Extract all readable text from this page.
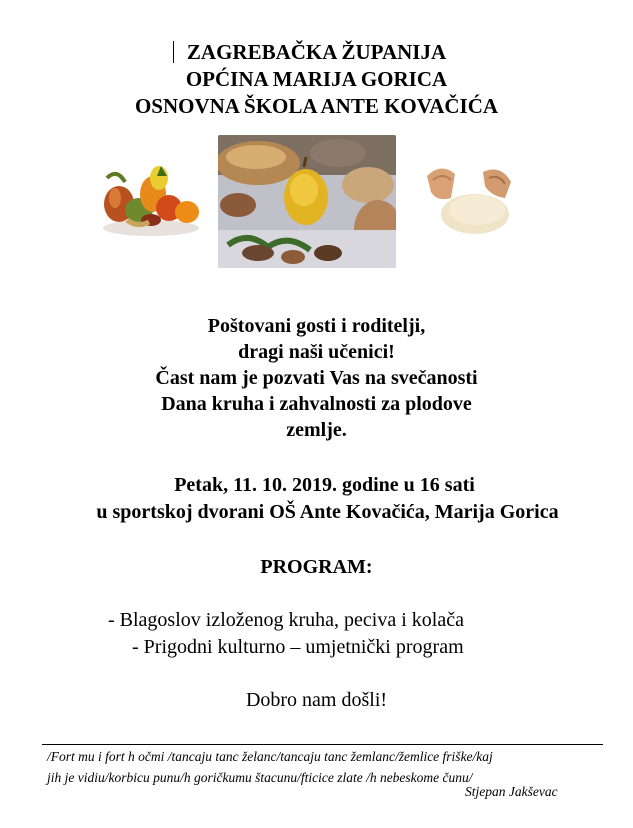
ZAGREBAČKA ŽUPANIJA
OPĆINA MARIJA GORICA
OSNOVNA ŠKOLA ANTE KOVAČIĆA
Poštovani gosti i roditelji,
dragi naši učenici!
Čast nam je pozvati Vas na svečanosti
Dana kruha i zahvalnosti za plodove
zemlje.
Petak, 11. 10. 2019. godine u 16 sati
u sportskoj dvorani OŠ Ante Kovačića, Marija Gorica
PROGRAM:
- Blagoslov izloženog kruha, peciva i kolača
- Prigodni kulturno – umjetnički program
Dobro nam došli!
/Fort mu i fort h očmi /tancaju tanc želanc/tancaju tanc žemlanc/žemlice friške/kaj
jih je vidiu/korbicu punu/h goričkumu štacunu/fticice zlate /h nebeskome čunu/
Stjepan Jakševac
